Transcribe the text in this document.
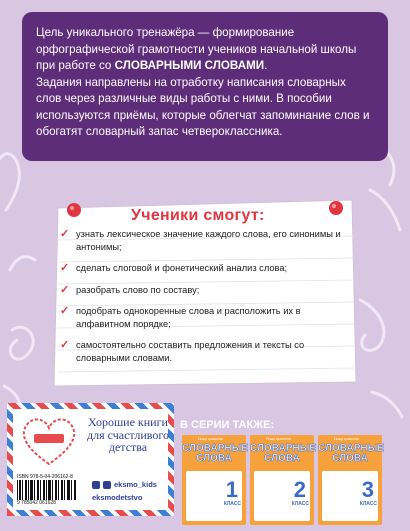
Цель уникального тренажёра — формирование орфографической грамотности учеников начальной школы при работе со СЛОВАРНЫМИ СЛОВАМИ.

Задания направлены на отработку написания словарных слов через различные виды работы с ними. В пособии используются приёмы, которые облегчат запоминание слов и обогатят словарный запас четвероклассника.

Ученики смогут:
✓ узнать лексическое значение каждого слова, его синонимы и антонимы;
✓ сделать слоговой и фонетический анализ слова;
✓ разобрать слово по составу;
✓ подобрать однокоренные слова и расположить их в алфавитном порядке;
✓ самостоятельно составить предложения и тексты со словарными словами.
Хорошие книги для счастливого детства
ISBN 978-5-04-206162-8
9 785042 061628
eksmo_kids
eksmodetstvo
В СЕРИИ ТАКЖЕ:
Пишу грамотно
СЛОВАРНЫЕ
СЛОВА
1
КЛАСС
Пишу грамотно
СЛОВАРНЫЕ
СЛОВА
2
КЛАСС
Пишу грамотно
СЛОВАРНЫЕ
СЛОВА
3
КЛАСС
